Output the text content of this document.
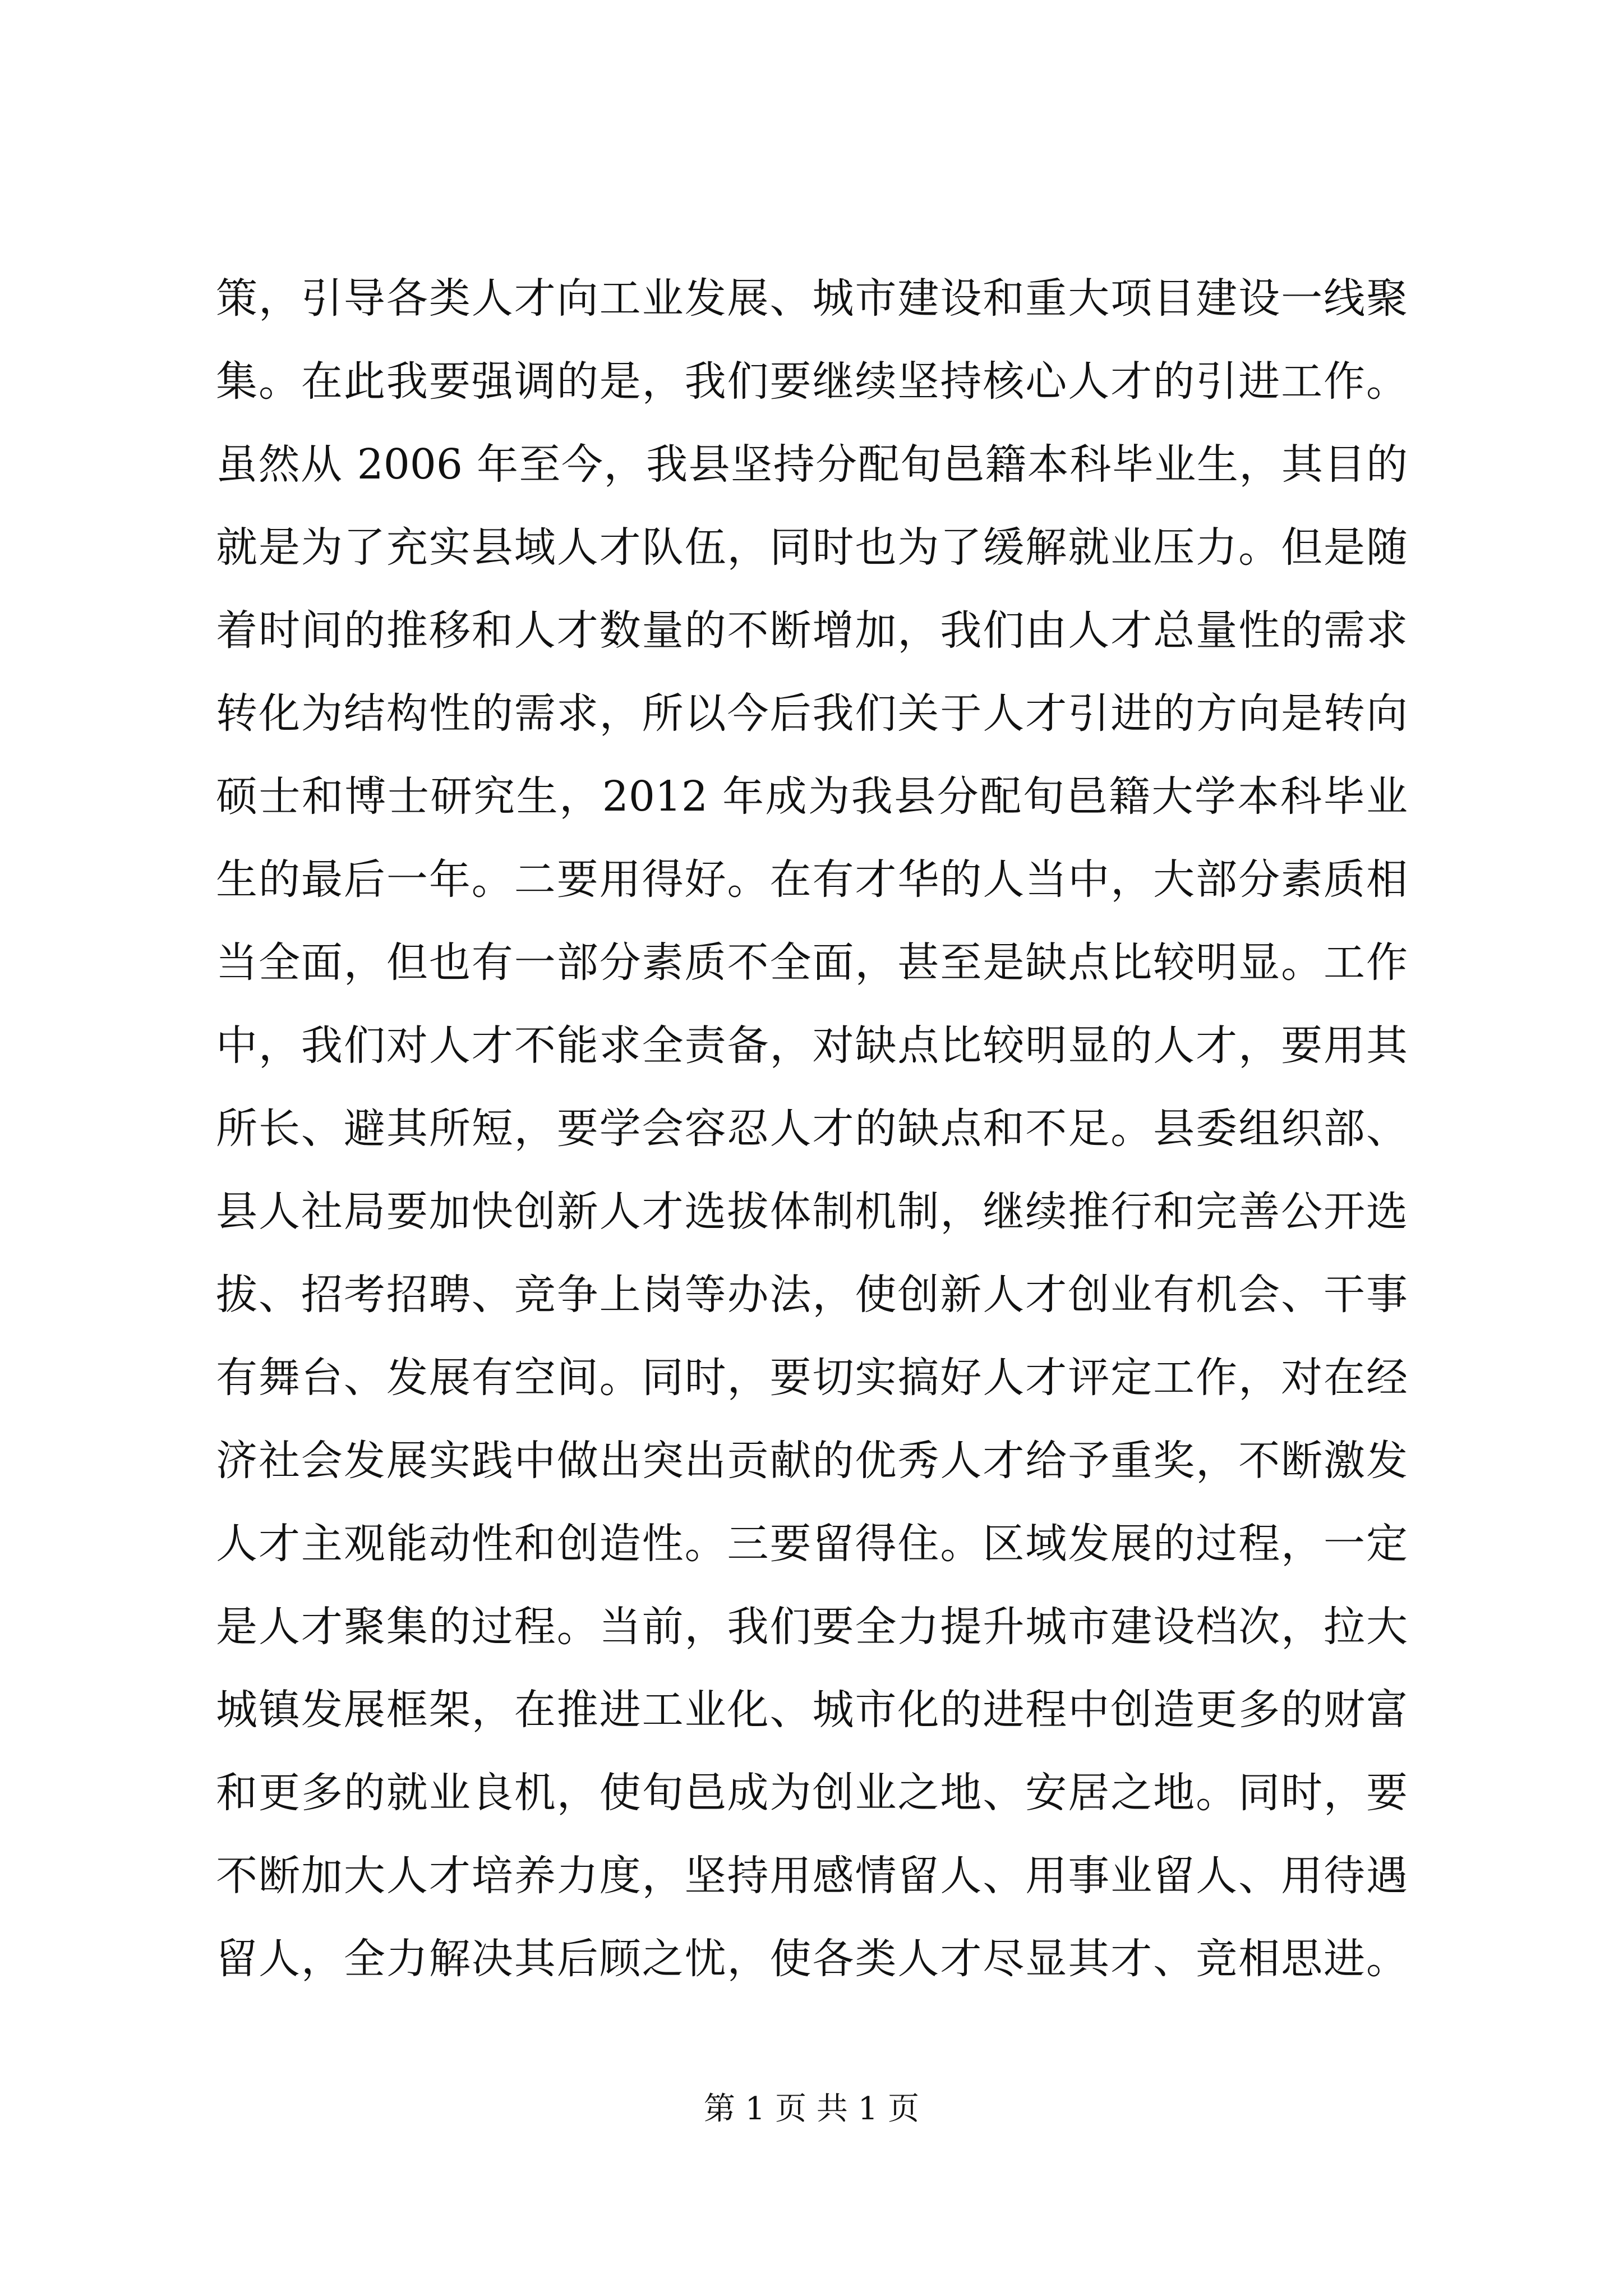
策，引导各类人才向工业发展、城市建设和重大项目建设一线聚
集。在此我要强调的是，我们要继续坚持核心人才的引进工作。
虽然从 2006 年至今，我县坚持分配旬邑籍本科毕业生，其目的
就是为了充实县域人才队伍，同时也为了缓解就业压力。但是随
着时间的推移和人才数量的不断增加，我们由人才总量性的需求
转化为结构性的需求，所以今后我们关于人才引进的方向是转向
硕士和博士研究生，2012 年成为我县分配旬邑籍大学本科毕业
生的最后一年。二要用得好。在有才华的人当中，大部分素质相
当全面，但也有一部分素质不全面，甚至是缺点比较明显。工作
中，我们对人才不能求全责备，对缺点比较明显的人才，要用其
所长、避其所短，要学会容忍人才的缺点和不足。县委组织部、
县人社局要加快创新人才选拔体制机制，继续推行和完善公开选
拔、招考招聘、竞争上岗等办法，使创新人才创业有机会、干事
有舞台、发展有空间。同时，要切实搞好人才评定工作，对在经
济社会发展实践中做出突出贡献的优秀人才给予重奖，不断激发
人才主观能动性和创造性。三要留得住。区域发展的过程，一定
是人才聚集的过程。当前，我们要全力提升城市建设档次，拉大
城镇发展框架，在推进工业化、城市化的进程中创造更多的财富
和更多的就业良机，使旬邑成为创业之地、安居之地。同时，要
不断加大人才培养力度，坚持用感情留人、用事业留人、用待遇
留人，全力解决其后顾之忧，使各类人才尽显其才、竞相思进。
第 1 页 共 1 页
